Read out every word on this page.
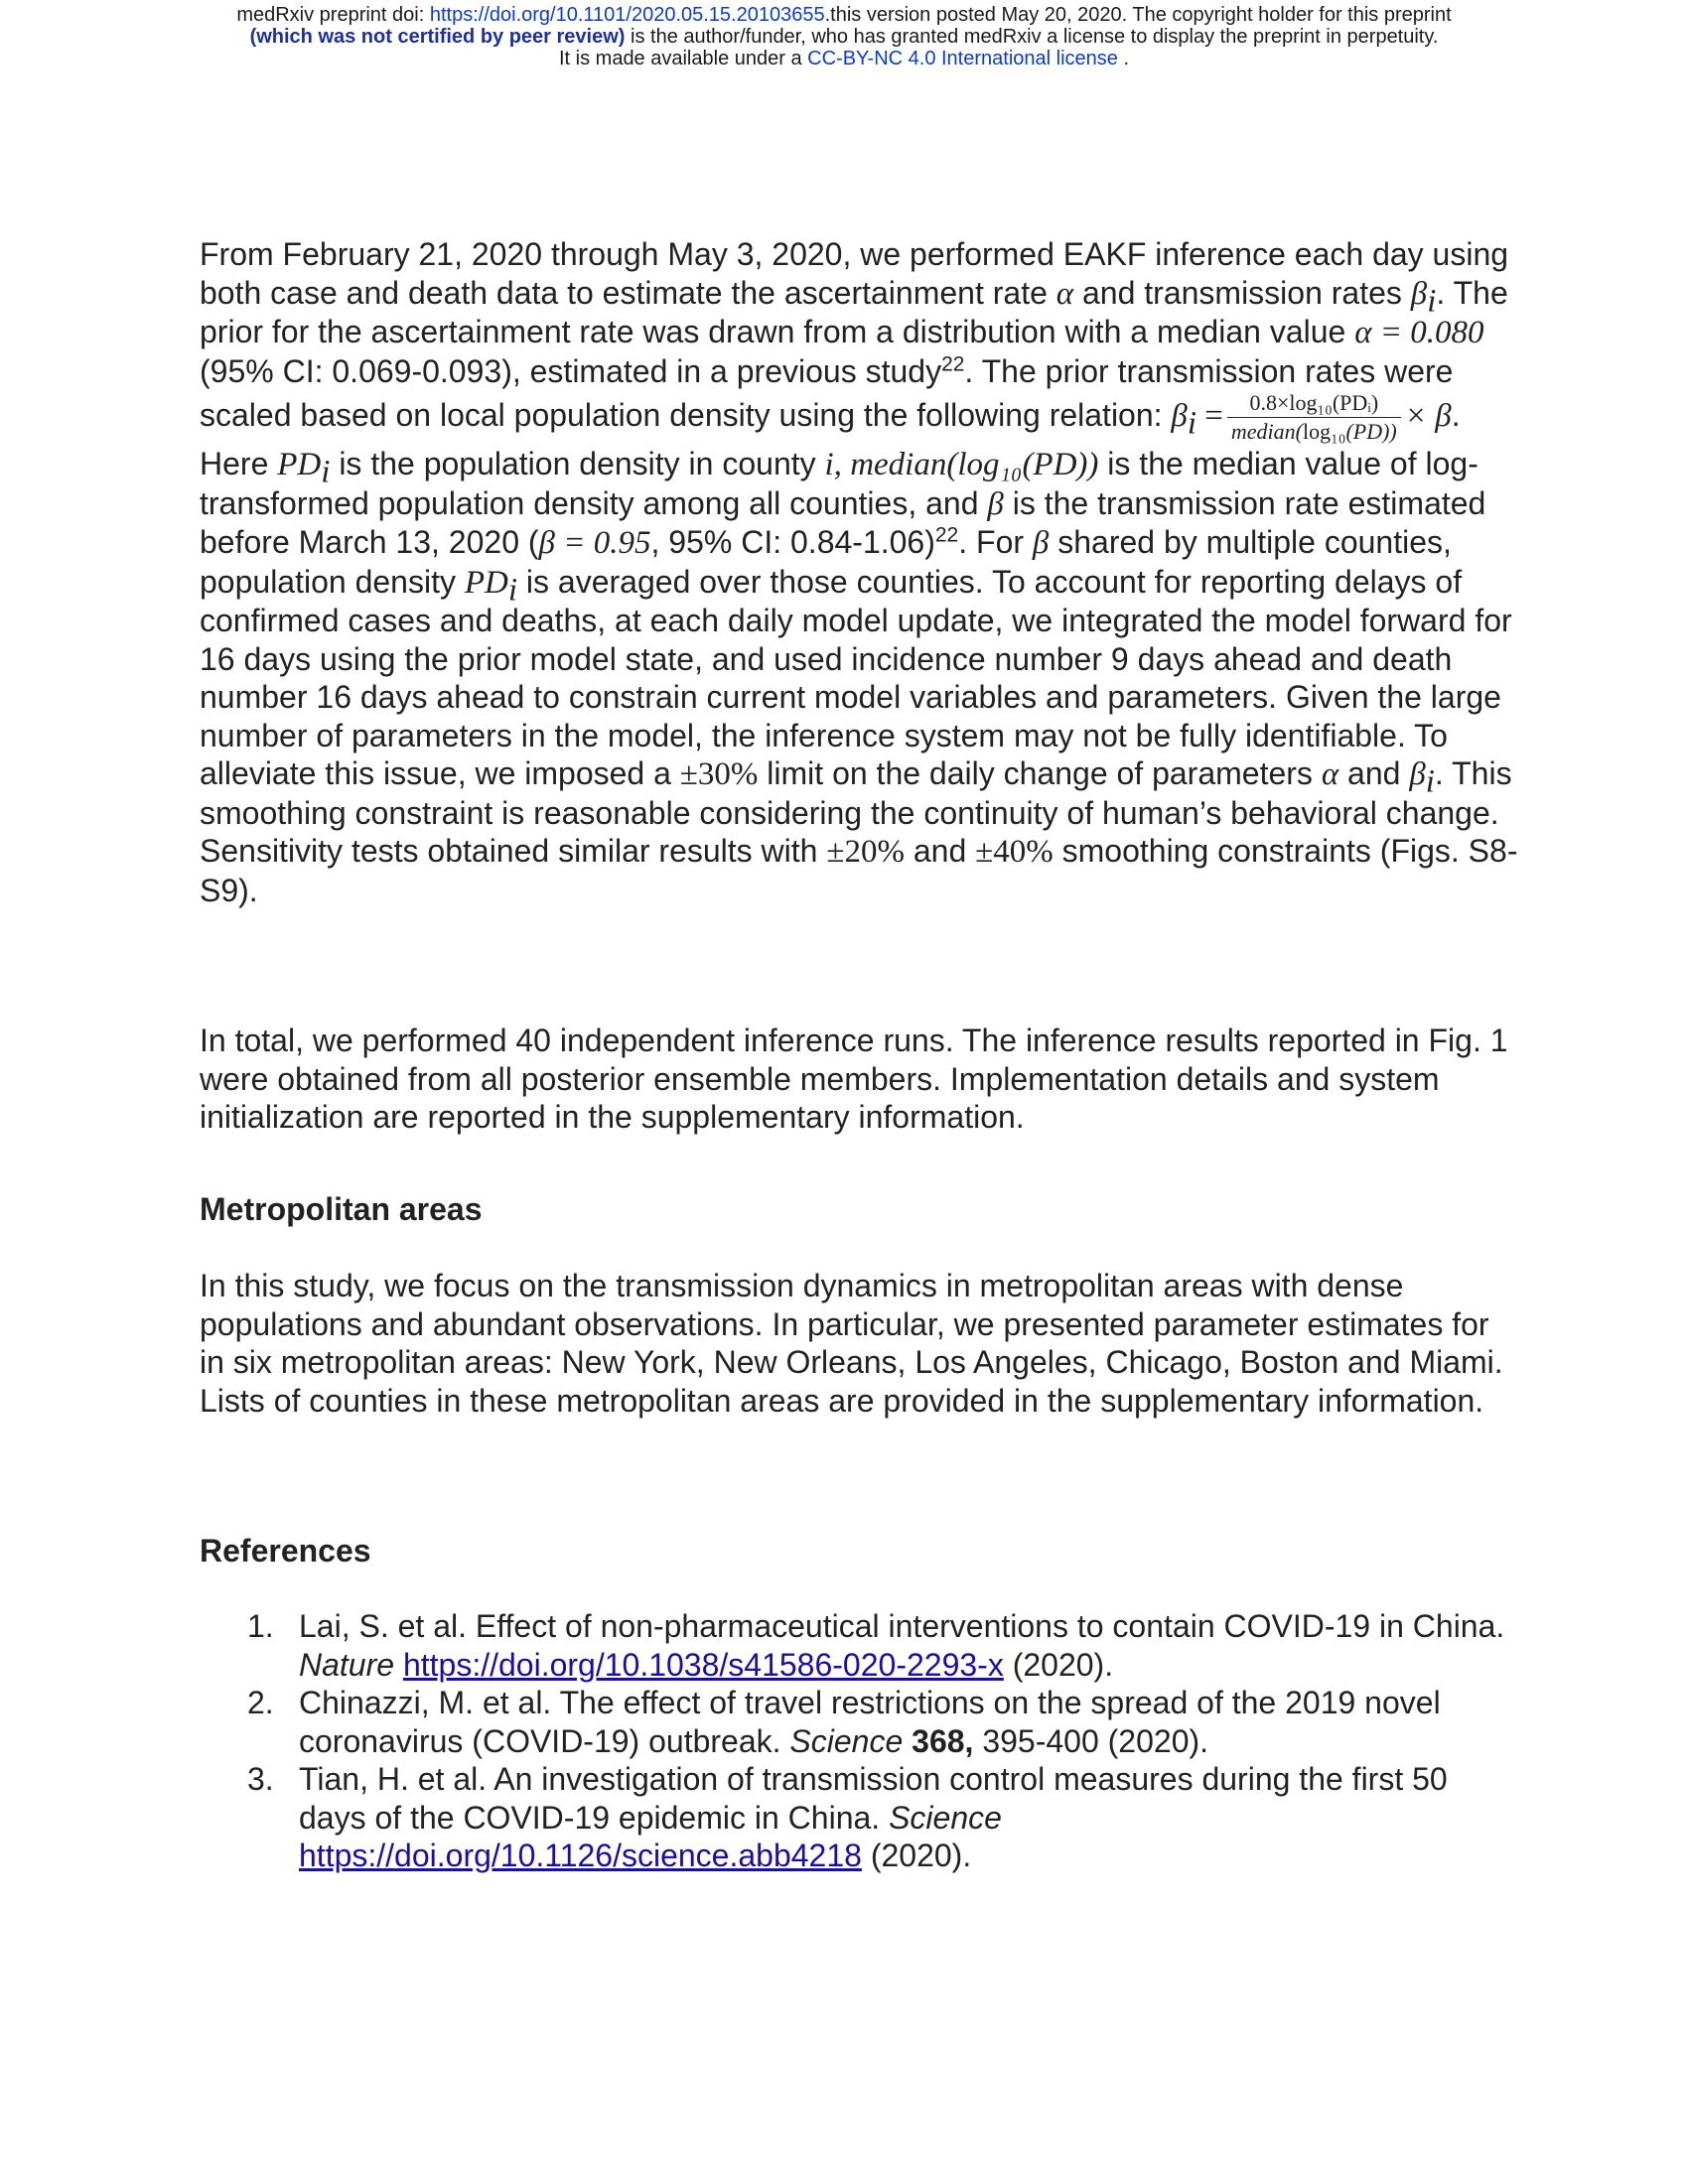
medRxiv preprint doi: https://doi.org/10.1101/2020.05.15.20103655.this version posted May 20, 2020. The copyright holder for this preprint
(which was not certified by peer review) is the author/funder, who has granted medRxiv a license to display the preprint in perpetuity.
It is made available under a CC-BY-NC 4.0 International license .
From February 21, 2020 through May 3, 2020, we performed EAKF inference each day using both case and death data to estimate the ascertainment rate α and transmission rates $\beta_i$. The prior for the ascertainment rate was drawn from a distribution with a median value α = 0.080 (95% CI: 0.069-0.093), estimated in a previous study$^{22}$. The prior transmission rates were scaled based on local population density using the following relation: $\beta_i = \frac{\text{0.8×log₁₀(PDᵢ)}}{\text{median(log₁₀(PD))}} \times \beta$. Here $PD_i$ is the population density in county i, median(log₁₀(PD)) is the median value of log-transformed population density among all counties, and β is the transmission rate estimated before March 13, 2020 (β = 0.95, 95% CI: 0.84-1.06)$^{22}$. For β shared by multiple counties, population density $PD_i$ is averaged over those counties. To account for reporting delays of confirmed cases and deaths, at each daily model update, we integrated the model forward for 16 days using the prior model state, and used incidence number 9 days ahead and death number 16 days ahead to constrain current model variables and parameters. Given the large number of parameters in the model, the inference system may not be fully identifiable. To alleviate this issue, we imposed a ±30% limit on the daily change of parameters α and $\beta_i$. This smoothing constraint is reasonable considering the continuity of human’s behavioral change. Sensitivity tests obtained similar results with ±20% and ±40% smoothing constraints (Figs. S8-S9).
In total, we performed 40 independent inference runs. The inference results reported in Fig. 1 were obtained from all posterior ensemble members. Implementation details and system initialization are reported in the supplementary information.
Metropolitan areas
In this study, we focus on the transmission dynamics in metropolitan areas with dense populations and abundant observations. In particular, we presented parameter estimates for in six metropolitan areas: New York, New Orleans, Los Angeles, Chicago, Boston and Miami. Lists of counties in these metropolitan areas are provided in the supplementary information.
References
1. Lai, S. et al. Effect of non-pharmaceutical interventions to contain COVID-19 in China. Nature https://doi.org/10.1038/s41586-020-2293-x (2020).
2. Chinazzi, M. et al. The effect of travel restrictions on the spread of the 2019 novel coronavirus (COVID-19) outbreak. Science 368, 395-400 (2020).
3. Tian, H. et al. An investigation of transmission control measures during the first 50 days of the COVID-19 epidemic in China. Science https://doi.org/10.1126/science.abb4218 (2020).
